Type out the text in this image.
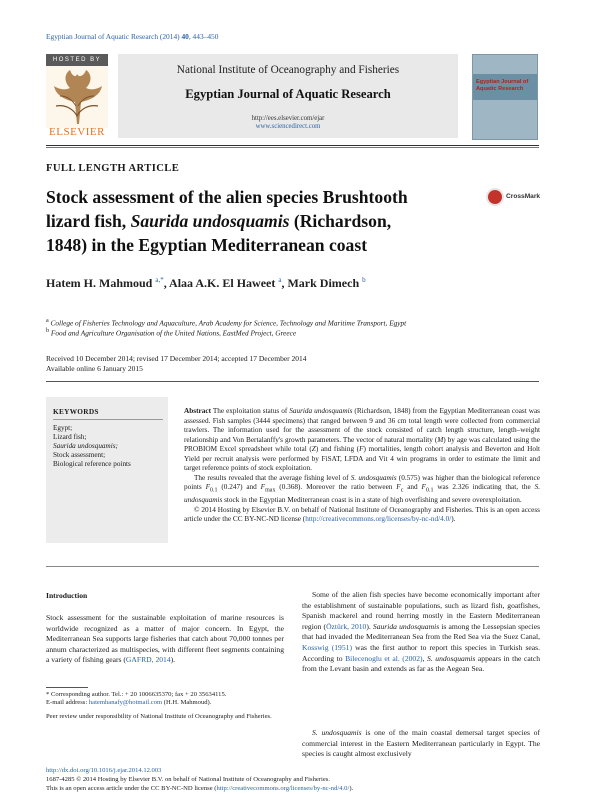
Egyptian Journal of Aquatic Research (2014) 40, 443–450
HOSTED BY
ELSEVIER
National Institute of Oceanography and Fisheries
Egyptian Journal of Aquatic Research
http://ees.elsevier.com/ejar
www.sciencedirect.com
Egyptian Journal of Aquatic Research
FULL LENGTH ARTICLE
Stock assessment of the alien species Brushtooth
lizard fish, Saurida undosquamis (Richardson,
1848) in the Egyptian Mediterranean coast
CrossMark
Hatem H. Mahmoud $^{a,*}$, Alaa A.K. El Haweet $^a$, Mark Dimech $^b$
$^a$ College of Fisheries Technology and Aquaculture, Arab Academy for Science, Technology and Maritime Transport, Egypt
$^b$ Food and Agriculture Organisation of the United Nations, EastMed Project, Greece
Received 10 December 2014; revised 17 December 2014; accepted 17 December 2014
Available online 6 January 2015
KEYWORDS
Egypt;
Lizard fish;
Saurida undosquamis;
Stock assessment;
Biological reference points
Abstract The exploitation status of Saurida undosquamis (Richardson, 1848) from the Egyptian Mediterranean coast was assessed. Fish samples (3444 specimens) that ranged between 9 and 36 cm total length were collected from commercial trawlers. The information used for the assessment of the stock consisted of catch length structure, length–weight relationship and Von Bertalanffy's growth parameters. The vector of natural mortality (M) by age was calculated using the PROBIOM Excel spreadsheet while total (Z) and fishing (F) mortalities, length cohort analysis and Beverton and Holt Yield per recruit analysis were performed by FiSAT, LFDA and Vit 4 win programs in order to estimate the limit and target reference points of stock exploitation.
The results revealed that the average fishing level of S. undosquamis (0.575) was higher than the biological reference points $F_{0.1}$ (0.247) and $F_{max}$ (0.368). Moreover the ratio between $F_c$ and $F_{0.1}$ was 2.326 indicating that, the S. undosquamis stock in the Egyptian Mediterranean coast is in a state of high overfishing and severe overexploitation.
© 2014 Hosting by Elsevier B.V. on behalf of National Institute of Oceanography and Fisheries. This is an open access article under the CC BY-NC-ND license (http://creativecommons.org/licenses/by-nc-nd/4.0/).
Introduction
Stock assessment for the sustainable exploitation of marine resources is worldwide recognized as a matter of major concern. In Egypt, the Mediterranean Sea supports large fisheries that catch about 70,000 tonnes per annum characterized as multispecies, with different fleet segments containing a variety of fishing gears (GAFRD, 2014).
* Corresponding author. Tel.: + 20 1006635370; fax + 20 35634115.
E-mail address: hatemhanafy@hotmail.com (H.H. Mahmoud).
Peer review under responsibility of National Institute of Oceanography and Fisheries.
Some of the alien fish species have become economically important after the establishment of sustainable populations, such as lizard fish, goatfishes, Spanish mackerel and round herring mostly in the Eastern Mediterranean region (Öztürk, 2010). Saurida undosquamis is among the Lessepsian species that had invaded the Mediterranean Sea from the Red Sea via the Suez Canal, Kosswig (1951) was the first author to report this species in Turkish seas. According to Bilecenoglu et al. (2002), S. undosquamis appears in the catch from the Levant basin and extends as far as the Aegean Sea.
S. undosquamis is one of the main coastal demersal target species of commercial interest in the Eastern Mediterranean particularly in Egypt. The species is caught almost exclusively
http://dx.doi.org/10.1016/j.ejar.2014.12.003
1687-4285 © 2014 Hosting by Elsevier B.V. on behalf of National Institute of Oceanography and Fisheries.
This is an open access article under the CC BY-NC-ND license (http://creativecommons.org/licenses/by-nc-nd/4.0/).
